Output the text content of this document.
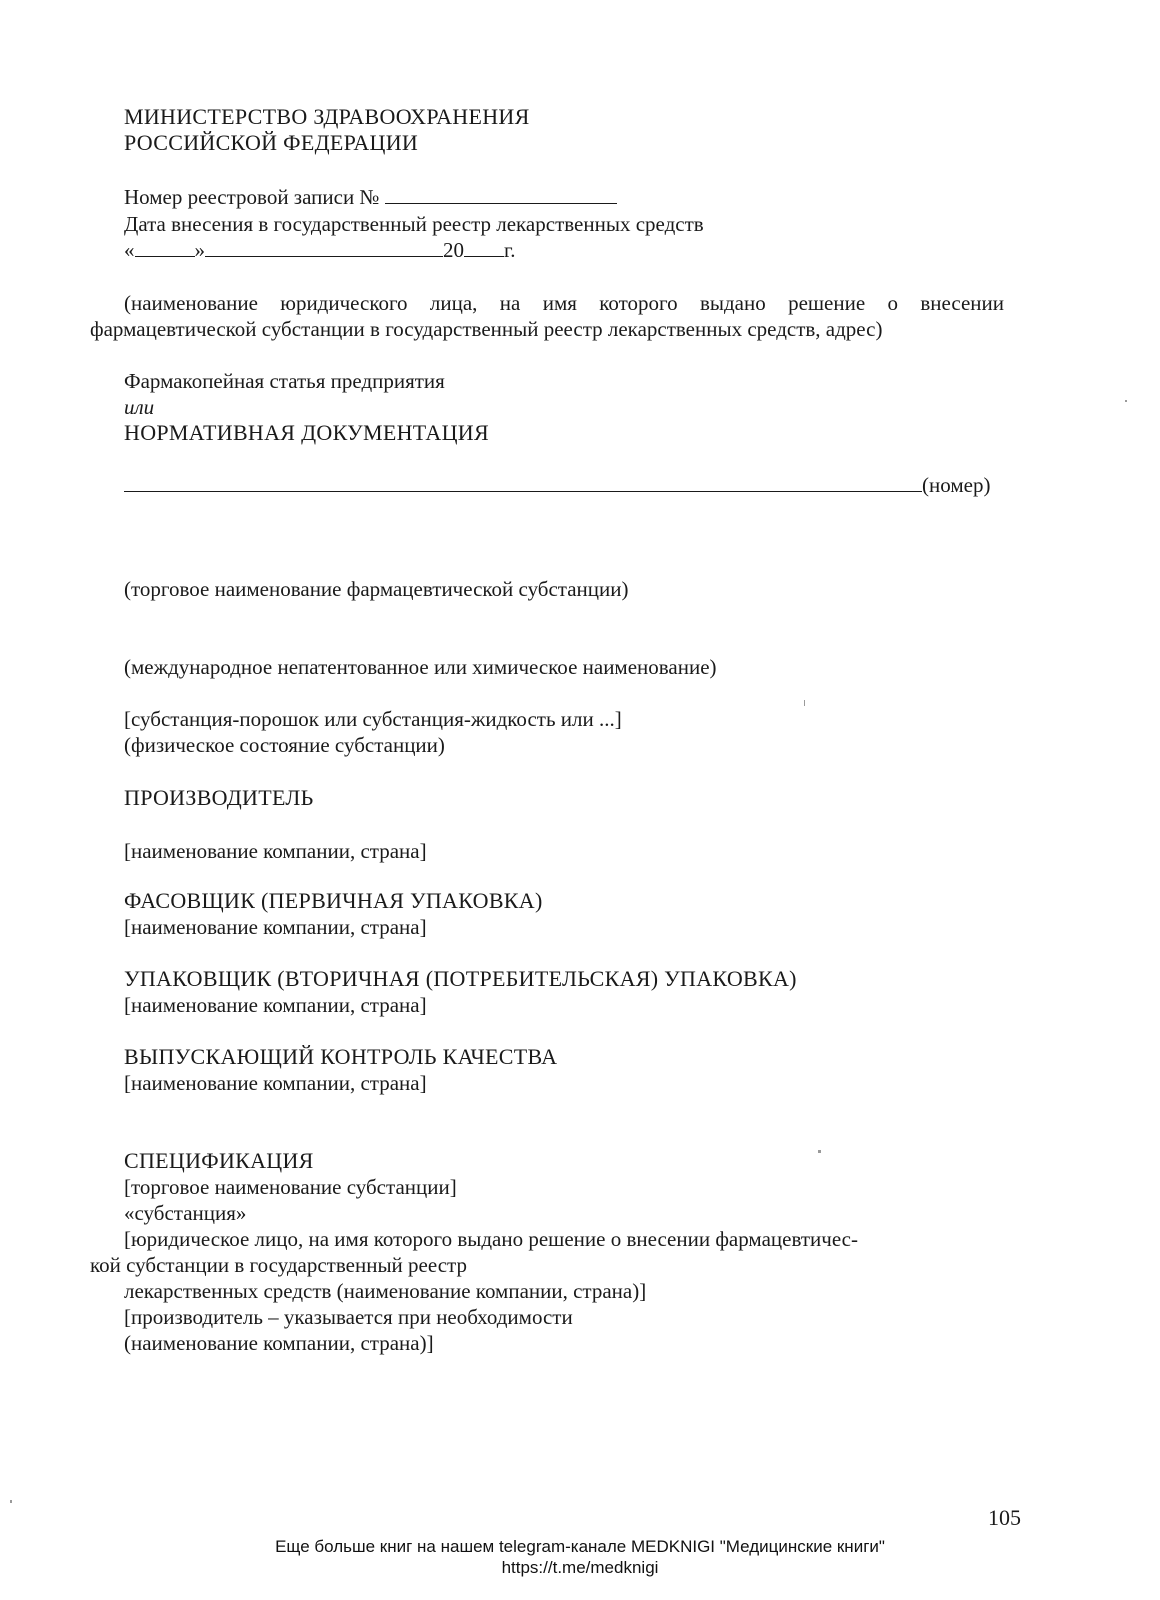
МИНИСТЕРСТВО ЗДРАВООХРАНЕНИЯ
РОССИЙСКОЙ ФЕДЕРАЦИИ
Номер реестровой записи №
Дата внесения в государственный реестр лекарственных средств
«	»	20 г.
(наименование юридического лица, на имя которого выдано решение о внесении фармацевтической субстанции в государственный реестр лекарственных средств, адрес)
Фармакопейная статья предприятия
или
НОРМАТИВНАЯ ДОКУМЕНТАЦИЯ
(номер)
(торговое наименование фармацевтической субстанции)
(международное непатентованное или химическое наименование)
[субстанция-порошок или субстанция-жидкость или ...]
(физическое состояние субстанции)
ПРОИЗВОДИТЕЛЬ
[наименование компании, страна]
ФАСОВЩИК (ПЕРВИЧНАЯ УПАКОВКА)
[наименование компании, страна]
УПАКОВЩИК (ВТОРИЧНАЯ (ПОТРЕБИТЕЛЬСКАЯ) УПАКОВКА)
[наименование компании, страна]
ВЫПУСКАЮЩИЙ КОНТРОЛЬ КАЧЕСТВА
[наименование компании, страна]
СПЕЦИФИКАЦИЯ
[торговое наименование субстанции]
«субстанция»
[юридическое лицо, на имя которого выдано решение о внесении фармацевтичес-
кой субстанции в государственный реестр
лекарственных средств (наименование компании, страна)]
[производитель – указывается при необходимости
(наименование компании, страна)]
105
Еще больше книг на нашем telegram-канале MEDKNIGI "Медицинские книги"
https://t.me/medknigi
